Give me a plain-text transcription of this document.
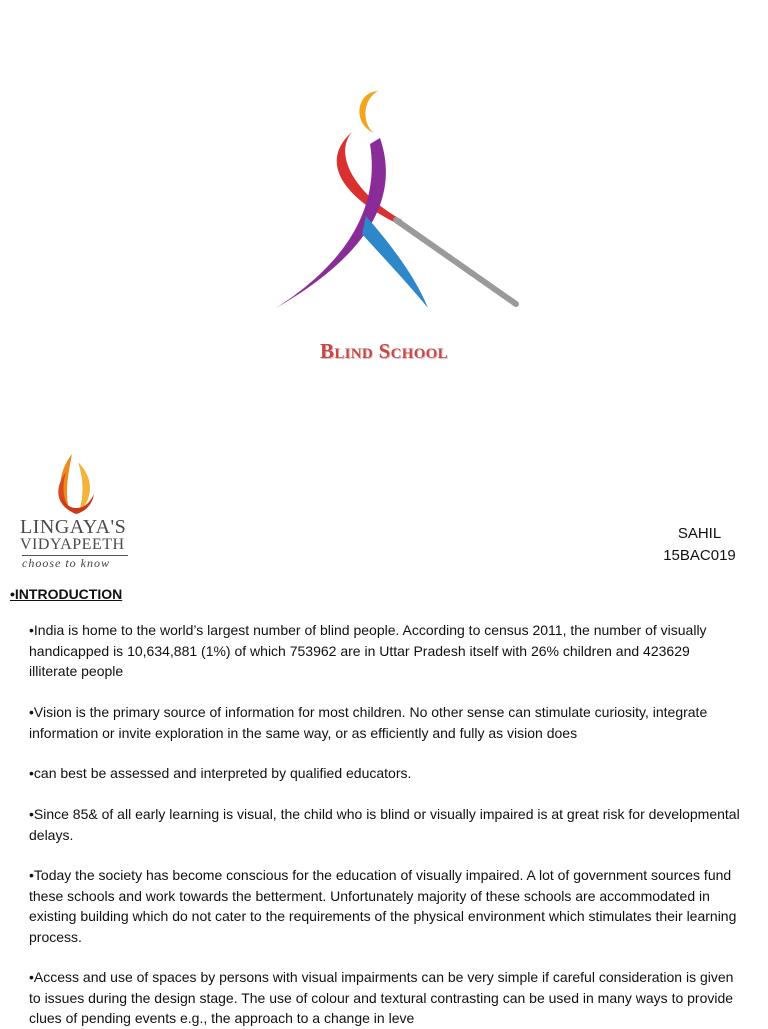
Blind School
LINGAYA'S
VIDYAPEETH
choose to know
SAHIL
15BAC019
•INTRODUCTION

•India is home to the world’s largest number of blind people. According to census 2011, the number of visually handicapped is 10,634,881 (1%) of which 753962 are in Uttar Pradesh itself with 26% children and 423629 illiterate people

•Vision is the primary source of information for most children. No other sense can stimulate curiosity, integrate information or invite exploration in the same way, or as efficiently and fully as vision does

•can best be assessed and interpreted by qualified educators.

•Since 85& of all early learning is visual, the child who is blind or visually impaired is at great risk for developmental delays.

•Today the society has become conscious for the education of visually impaired. A lot of government sources fund these schools and work towards the betterment. Unfortunately majority of these schools are accommodated in existing building which do not cater to the requirements of the physical environment which stimulates their learning process.

•Access and use of spaces by persons with visual impairments can be very simple if careful consideration is given to issues during the design stage. The use of colour and textural contrasting can be used in many ways to provide clues of pending events e.g., the approach to a change in leve
